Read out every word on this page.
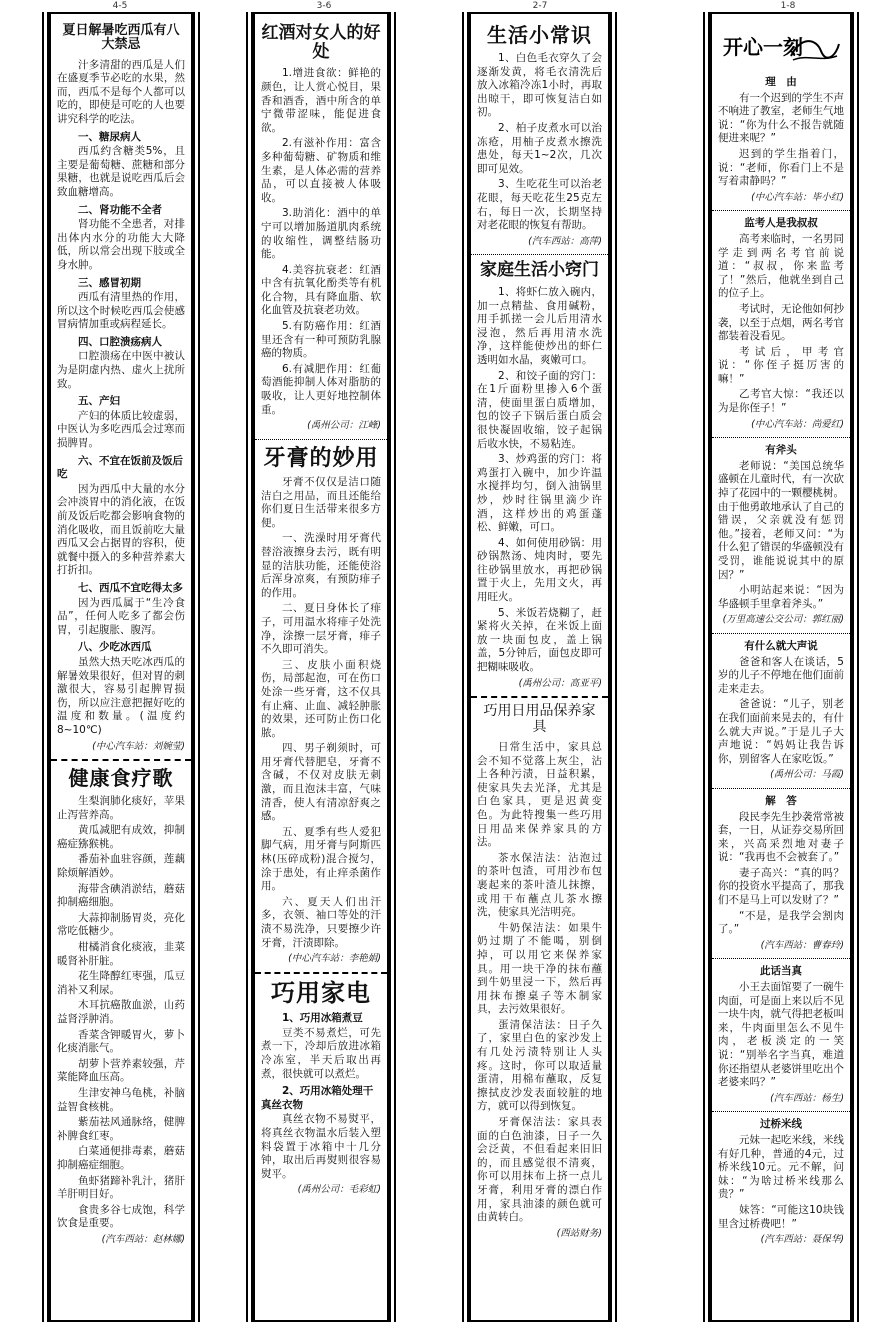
4-5	3-6	2-7	1-8
夏日解暑吃西瓜有八大禁忌
汁多清甜的西瓜是人们在盛夏季节必吃的水果，然而，西瓜不是每个人都可以吃的，即使是可吃的人也要讲究科学的吃法。
一、糖尿病人
西瓜约含糖类5%，且主要是葡萄糖、蔗糖和部分果糖，也就是说吃西瓜后会致血糖增高。
二、肾功能不全者
肾功能不全患者，对排出体内水分的功能大大降低，所以常会出现下肢或全身水肿。
三、感冒初期
西瓜有清里热的作用，所以这个时候吃西瓜会使感冒病情加重或病程延长。
四、口腔溃疡病人
口腔溃疡在中医中被认为是阴虚内热、虚火上扰所致。
五、产妇
产妇的体质比较虚弱，中医认为多吃西瓜会过寒而损脾胃。
六、不宜在饭前及饭后吃
因为西瓜中大量的水分会冲淡胃中的消化液，在饭前及饭后吃都会影响食物的消化吸收，而且饭前吃大量西瓜又会占据胃的容积，使就餐中摄入的多种营养素大打折扣。
七、西瓜不宜吃得太多
因为西瓜属于“生冷食品”，任何人吃多了都会伤胃，引起腹胀、腹泻。
八、少吃冰西瓜
虽然大热天吃冰西瓜的解暑效果很好，但对胃的刺激很大，容易引起脾胃损伤，所以应注意把握好吃的温度和数量。(温度约8~10℃)
(中心汽车站：刘婉莹)
健康食疗歌
生梨润肺化痰好，苹果止泻营养高。
黄瓜减肥有成效，抑制癌症猕猴桃。
番茄补血驻容颜，莲藕除烦解酒妙。
海带含碘消淤结，蘑菇抑制癌细胞。
大蒜抑制肠胃炎，亮化常吃低糖少。
柑橘消食化痰液，韭菜暖肾补肝脏。
花生降醇红枣强，瓜豆消补又利尿。
木耳抗癌散血淤，山药益肾浮肿消。
香菜含钾暖胃火，萝卜化痰消胀气。
胡萝卜营养素较强，芹菜能降血压高。
生津安神乌龟桃，补脑益智食核桃。
紫茄祛风通脉络，健脾补脾食红枣。
白菜通便排毒素，蘑菇抑制癌症细胞。
鱼虾猪蹄补乳汁，猪肝羊肝明目好。
食贵多谷七成饱，科学饮食是重要。
(汽车西站：赵林娜)
红酒对女人的好处
1.增进食欲：鲜艳的颜色，让人赏心悦目，果香和酒香，酒中所含的单宁微带涩味，能促进食欲。
2.有滋补作用：富含多种葡萄糖、矿物质和维生素，是人体必需的营养品，可以直接被人体吸收。
3.助消化：酒中的单宁可以增加肠道肌肉系统的收缩性，调整结肠功能。
4.美容抗衰老：红酒中含有抗氧化酚类等有机化合物，具有降血脂、软化血管及抗衰老功效。
5.有防癌作用：红酒里还含有一种可预防乳腺癌的物质。
6.有减肥作用：红葡萄酒能抑制人体对脂肪的吸收，让人更好地控制体重。
(禹州公司：江峰)
牙膏的妙用
牙膏不仅仅是洁口随洁白之用品，而且还能给你们夏日生活带来很多方便。
一、洗澡时用牙膏代替浴液擦身去污，既有明显的洁肤功能，还能使浴后浑身凉爽，有预防痱子的作用。
二、夏日身体长了痱子，可用温水将痱子处洗净，涂擦一层牙膏，痱子不久即可消失。
三、皮肤小面积烧伤，局部起泡，可在伤口处涂一些牙膏，这不仅具有止痛、止血、减轻肿胀的效果，还可防止伤口化脓。
四、男子剃须时，可用牙膏代替肥皂，牙膏不含碱，不仅对皮肤无刺激，而且泡沫丰富，气味清香，使人有清凉舒爽之感。
五、夏季有些人爱犯脚气病，用牙膏与阿斯匹林(压碎成粉)混合搅匀，涂于患处，有止痒杀菌作用。
六、夏天人们出汗多，衣领、袖口等处的汗渍不易洗净，只要擦少许牙膏，汗渍即除。
(中心汽车站：李艳娟)
巧用家电
1、巧用冰箱煮豆
豆类不易煮烂，可先煮一下，冷却后放进冰箱冷冻室，半天后取出再煮，很快就可以煮烂。
2、巧用冰箱处理干真丝衣物
真丝衣物不易熨平，将真丝衣物温水后装入塑料袋置于冰箱中十几分钟，取出后再熨则很容易熨平。
(禹州公司：毛彩虹)
生活小常识
1、白色毛衣穿久了会逐渐发黄，将毛衣清洗后放入冰箱冷冻1小时，再取出晾干，即可恢复洁白如初。
2、柏子皮煮水可以治冻疮，用柚子皮煮水擦洗患处，每天1~2次，几次即可见效。
3、生吃花生可以治老花眼，每天吃花生25克左右，每日一次，长期坚持对老花眼的恢复有帮助。
(汽车西站：高萍)
家庭生活小窍门
1、将虾仁放入碗内，加一点精盐、食用碱粉，用手抓搓一会儿后用清水浸泡，然后再用清水洗净，这样能使炒出的虾仁透明如水晶，爽嫩可口。
2、和饺子面的窍门：在1斤面粉里掺入6个蛋清，使面里蛋白质增加，包的饺子下锅后蛋白质会很快凝固收缩，饺子起锅后收水快，不易粘连。
3、炒鸡蛋的窍门：将鸡蛋打入碗中，加少许温水搅拌均匀，倒入油锅里炒，炒时往锅里滴少许酒，这样炒出的鸡蛋蓬松、鲜嫩，可口。
4、如何使用砂锅：用砂锅熬汤、炖肉时，要先往砂锅里放水，再把砂锅置于火上，先用文火，再用旺火。
5、米饭若烧糊了，赶紧将火关掉，在米饭上面放一块面包皮，盖上锅盖，5分钟后，面包皮即可把糊味吸收。
(禹州公司：高亚平)
巧用日用品保养家具
日常生活中，家具总会不知不觉落上灰尘，沾上各种污渍，日益积累，使家具失去光泽，尤其是白色家具，更是迟黄变色。为此特搜集一些巧用日用品来保养家具的方法。
茶水保洁法：沾泡过的茶叶包渣，可用沙布包裹起来的茶叶渣儿抹擦，或用干布蘸点儿茶水擦洗，使家具光洁明亮。
牛奶保洁法：如果牛奶过期了不能喝，别倒掉，可以用它来保养家具。用一块干净的抹布蘸到牛奶里浸一下，然后再用抹布擦桌子等木制家具，去污效果很好。
蛋清保洁法：日子久了，家里白色的家沙发上有几处污渍特别让人头疼。这时，你可以取适量蛋清，用棉布蘸取，反复擦拭皮沙发表面较脏的地方，就可以得到恢复。
牙膏保洁法：家具表面的白色油漆，日子一久会泛黄，不但看起来旧旧的，而且感觉很不清爽，你可以用抹布上挤一点儿牙膏，利用牙膏的漂白作用，家具油漆的颜色就可由黄转白。
(西站财务)
开心一刻
理　由
有一个迟到的学生不声不响进了教室，老师生气地说：“你为什么不报告就随便进来呢？”
迟到的学生指着门，说：“老师，你看门上不是写着肃静吗？”
(中心汽车站：毕小红)
监考人是我叔叔
高考来临时，一名男同学走到两名考官前说道：“叔叔，你来监考了！”然后，他就坐到自己的位子上。
考试时，无论他如何抄袭，以至于点烟，两名考官都装着没看见。
考试后，甲考官说：“你侄子挺厉害的嘛！”
乙考官大惊：“我还以为是你侄子！”
(中心汽车站：尚爱红)
有斧头
老师说：“美国总统华盛顿在儿童时代，有一次砍掉了花园中的一颗樱桃树。由于他勇敢地承认了自己的错误，父亲就没有惩罚他。”接着，老师又问：“为什么犯了错误的华盛顿没有受罚，谁能说说其中的原因？”
小明站起来说：“因为华盛顿手里拿着斧头。”
(万里高速公交公司：郭红丽)
有什么就大声说
爸爸和客人在谈话，5岁的儿子不停地在他们面前走来走去。
爸爸说：“儿子，别老在我们面前来晃去的，有什么就大声说。”于是儿子大声地说：“妈妈让我告诉你，别留客人在家吃饭。”
(禹州公司：马霞)
解　答
段民李先生抄袭常常被套，一日，从证券交易所回来，兴高采烈地对妻子说：“我再也不会被套了。”
妻子高兴：“真的吗？你的投资水平提高了，那我们不是马上可以发财了？”
“不是，是我学会割肉了。”
(汽车西站：曹春玲)
此话当真
小王去面馆要了一碗牛肉面，可是面上来以后不见一块牛肉，就气得把老板叫来，牛肉面里怎么不见牛肉，老板淡定的一笑说：“别举名字当真，难道你还指望从老婆饼里吃出个老婆来吗？”
(汽车西站：杨生)
过桥米线
元妹一起吃米线，米线有好几种，普通的4元，过桥米线10元。元不解，问妹：“为啥过桥米线那么贵？”
妹答：“可能这10块钱里含过桥费吧！”
(汽车西站：聂保华)
